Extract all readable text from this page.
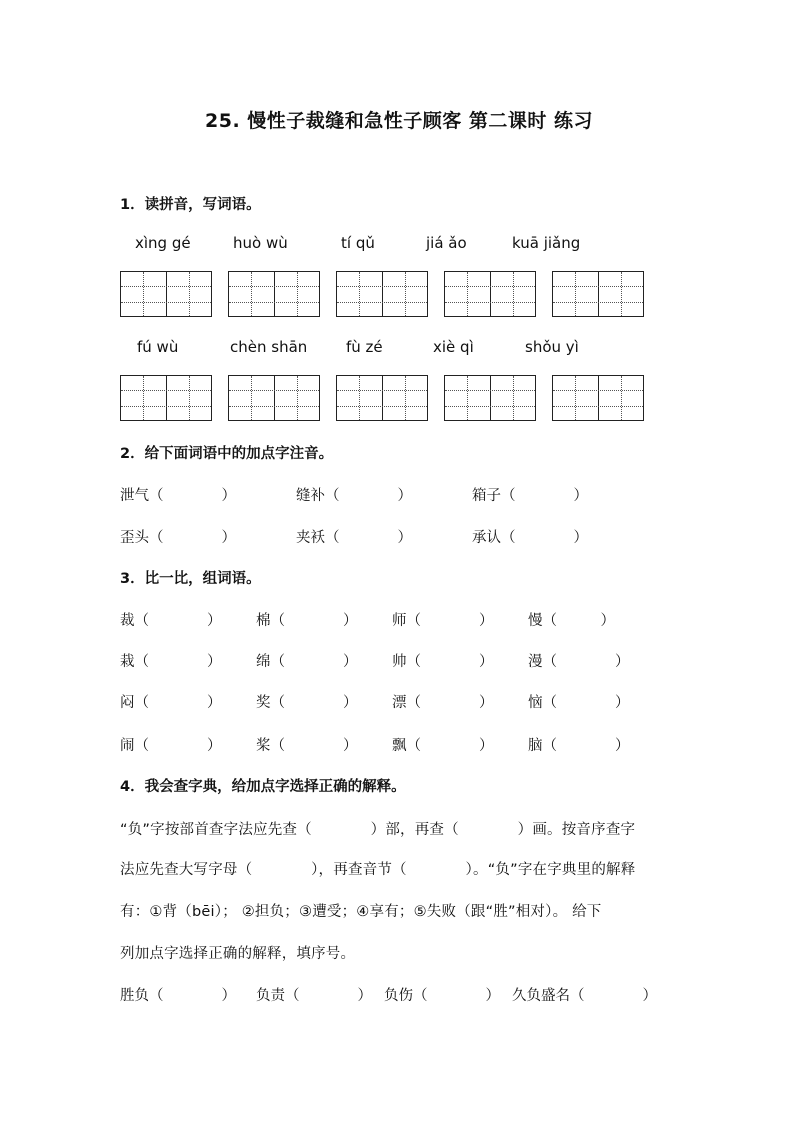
25. 慢性子裁缝和急性子顾客 第二课时 练习
1．读拼音，写词语。
xìng gé	huò wù	tí qǔ	jiá ǎo	kuā jiǎng
fú wù	chèn shān	fù zé	xiè qì	shǒu yì
2．给下面词语中的加点字注音。
泄气（　　　　）	缝补（　　　　）	箱子（　　　　）
歪头（　　　　）	夹袄（　　　　）	承认（　　　　）
3．比一比，组词语。
裁（　　　　） 棉（　　　　） 师（　　　　） 慢（　　　）
栽（　　　　） 绵（　　　　） 帅（　　　　） 漫（　　　　）
闷（　　　　） 奖（　　　　） 漂（　　　　） 恼（　　　　）
闹（　　　　） 桨（　　　　） 飘（　　　　） 脑（　　　　）
4．我会查字典，给加点字选择正确的解释。
“负”字按部首查字法应先查（　　　　）部，再查（　　　　）画。按音序查字
法应先查大写字母（　　　　），再查音节（　　　　）。“负”字在字典里的解释
有：①背（bēi）； ②担负；③遭受；④享有；⑤失败（跟“胜”相对）。 给下
列加点字选择正确的解释，填序号。
胜负（　　　　） 负责（　　　　） 负伤（　　　　） 久负盛名（　　　　）
